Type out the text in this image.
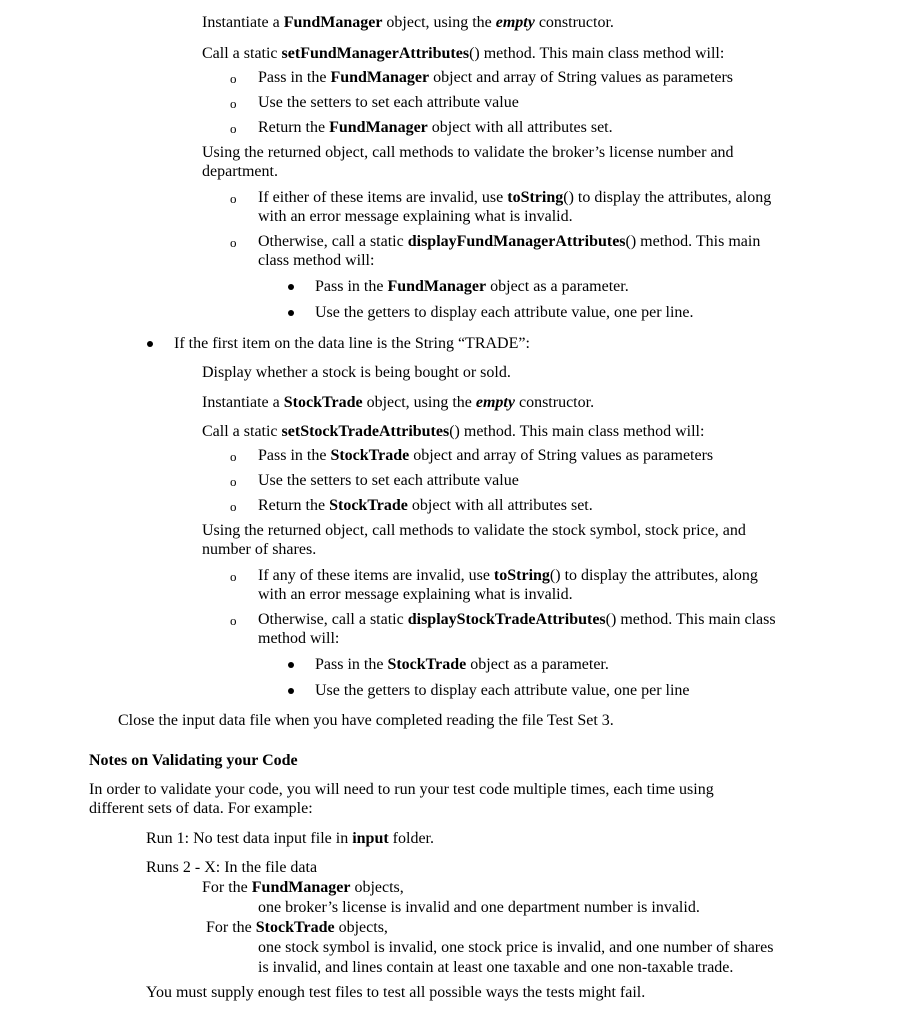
Instantiate a FundManager object, using the empty constructor.
Call a static setFundManagerAttributes() method. This main class method will:
o Pass in the FundManager object and array of String values as parameters
o Use the setters to set each attribute value
o Return the FundManager object with all attributes set.
Using the returned object, call methods to validate the broker’s license number and
department.
o If either of these items are invalid, use toString() to display the attributes, along
with an error message explaining what is invalid.
o Otherwise, call a static displayFundManagerAttributes() method. This main
class method will:
Pass in the FundManager object as a parameter.
Use the getters to display each attribute value, one per line.
If the first item on the data line is the String “TRADE”:
Display whether a stock is being bought or sold.
Instantiate a StockTrade object, using the empty constructor.
Call a static setStockTradeAttributes() method. This main class method will:
o Pass in the StockTrade object and array of String values as parameters
o Use the setters to set each attribute value
o Return the StockTrade object with all attributes set.
Using the returned object, call methods to validate the stock symbol, stock price, and
number of shares.
o If any of these items are invalid, use toString() to display the attributes, along
with an error message explaining what is invalid.
o Otherwise, call a static displayStockTradeAttributes() method. This main class
method will:
Pass in the StockTrade object as a parameter.
Use the getters to display each attribute value, one per line
Close the input data file when you have completed reading the file Test Set 3.
Notes on Validating your Code
In order to validate your code, you will need to run your test code multiple times, each time using
different sets of data. For example:
Run 1: No test data input file in input folder.
Runs 2 - X: In the file data
For the FundManager objects,
one broker’s license is invalid and one department number is invalid.
For the StockTrade objects,
one stock symbol is invalid, one stock price is invalid, and one number of shares
is invalid, and lines contain at least one taxable and one non-taxable trade.
You must supply enough test files to test all possible ways the tests might fail.
